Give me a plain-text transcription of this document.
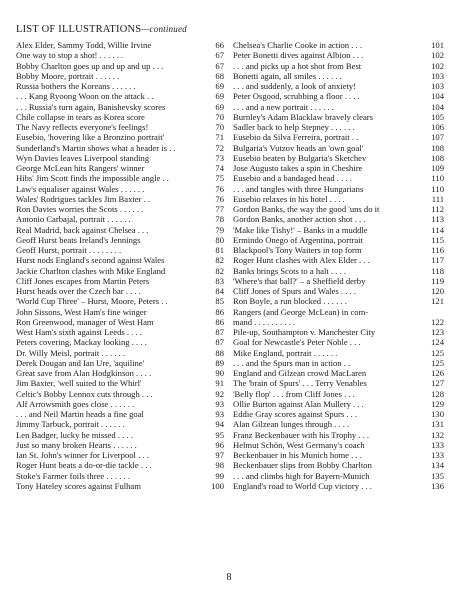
LIST OF ILLUSTRATIONS—continued
Alex Elder, Sammy Todd, Willie Irvine	66
One way to stop a shot! . . . . . .	67
Bobby Charlton goes up and up and up . . .	67
Bobby Moore, portrait . . . . . .	68
Russia bothers the Koreans . . . . . .	69
. . . Kang Ryoong Woon on the attack . .	69
. . . Russia's turn again, Banishevsky scores	69
Chile collapse in tears as Korea score	70
The Navy reflects everyone's feelings!	70
Eusebio, 'hovering like a Bronzino portrait'	71
Sunderland's Martin shows what a header is . .	72
Wyn Davies leaves Liverpool standing	73
George McLean hits Rangers' winner	74
Hibs' Jim Scott finds the impossible angle . .	75
Law's equaliser against Wales . . . . . .	76
Wales' Rodrigues tackles Jim Baxter . .	76
Ron Davies worries the Scots . . . . . .	77
Antonio Carbajal, portrait . . . . . .	78
Real Madrid, back against Chelsea . . .	79
Geoff Hurst beats Ireland's Jennings	80
Geoff Hurst, portrait . . . . . . . .	81
Hurst nods England's second against Wales	82
Jackie Charlton clashes with Mike England	82
Cliff Jones escapes from Martin Peters	83
Hurst heads over the Czech bar . . . .	84
'World Cup Three' – Hurst, Moore, Peters . .	85
John Sissons, West Ham's fine winger	86
Ron Greenwood, manager of West Ham	86
West Ham's sixth against Leeds . . . .	87
Peters covering, Mackay looking . . . .	87
Dr. Willy Meisl, portrait . . . . . .	88
Derek Dougan and Ian Ure, 'aquiline'	89
Great save from Alan Hodgkinson . . . .	90
Jim Baxter, 'well suited to the Whirl'	91
Celtic's Bobby Lennox cuts through . . .	92
Alf Arrowsmith goes close . . . . . .	93
. . . and Neil Martin heads a fine goal	93
Jimmy Tarbuck, portrait . . . . . .	94
Len Badger, lucky he missed . . . .	95
Just so many broken Hearts . . . . . .	96
Ian St. John's winner for Liverpool . . .	97
Roger Hunt beats a do-or-die tackle . . .	98
Stoke's Farmer foils three . . . . . .	99
Tony Hateley scores against Fulham	100
Chelsea's Charlie Cooke in action . . .	101
Peter Bonetti dives against Albion . . .	102
. . . and picks up a hot shot from Best	102
Bonetti again, all smiles . . . . . .	103
. . . and suddenly, a look of anxiety!	103
Peter Osgood, scrubbing a floor . . . .	104
. . . and a new portrait . . . . . .	104
Burnley's Adam Blacklaw bravely clears	105
Sadler back to help Stepney . . . . . .	106
Eusebio da Silva Ferreira, portrait . .	107
Bulgaria's Vutzov heads an 'own goal'	108
Eusebio beaten by Bulgaria's Sketchev	108
Jose Augusto takes a spin in Cheshire	109
Eusebio and a bandaged head . . . .	110
. . . and tangles with three Hungarians	110
Eusebio relaxes in his hotel . . . .	111
Gordon Banks, the way the good 'uns do it	112
Gordon Banks, another action shot . . .	113
'Make like Tishy!' – Banks in a muddle	114
Ermindo Onego of Argentina, portrait	115
Blackpool's Tony Waiters in top form	116
Roger Hunt clashes with Alex Elder . . .	117
Banks brings Scots to a halt . . . .	118
'Where's that ball?' – a Sheffield derby	119
Cliff Jones of Spurs and Wales . . . .	120
Ron Boyle, a run blocked . . . . . .	121
Rangers (and George McLean) in com-
mand . . . . . . . . . .	122
Pile-up, Southampton v. Manchester City	123
Goal for Newcastle's Peter Noble . . .	124
Mike England, portrait . . . . . .	125
. . . and the Spurs man in action . .	125
England and Gilzean crowd MacLaren	126
The 'brain of Spurs' . . . Terry Venables	127
'Belly flop' . . . from Cliff Jones . . .	128
Ollie Burton against Alan Mullery . . .	129
Eddie Gray scores against Spurs . . .	130
Alan Gilzean lunges through . . . .	131
Franz Beckenbauer with his Trophy . . .	132
Helmut Schön, West Germany's coach	133
Beckenbauer in his Munich home . . .	133
Beckenbauer slips from Bobby Charlton	134
. . . and climbs high for Bayern-Munich	135
England's road to World Cup victory . . .	136
8
